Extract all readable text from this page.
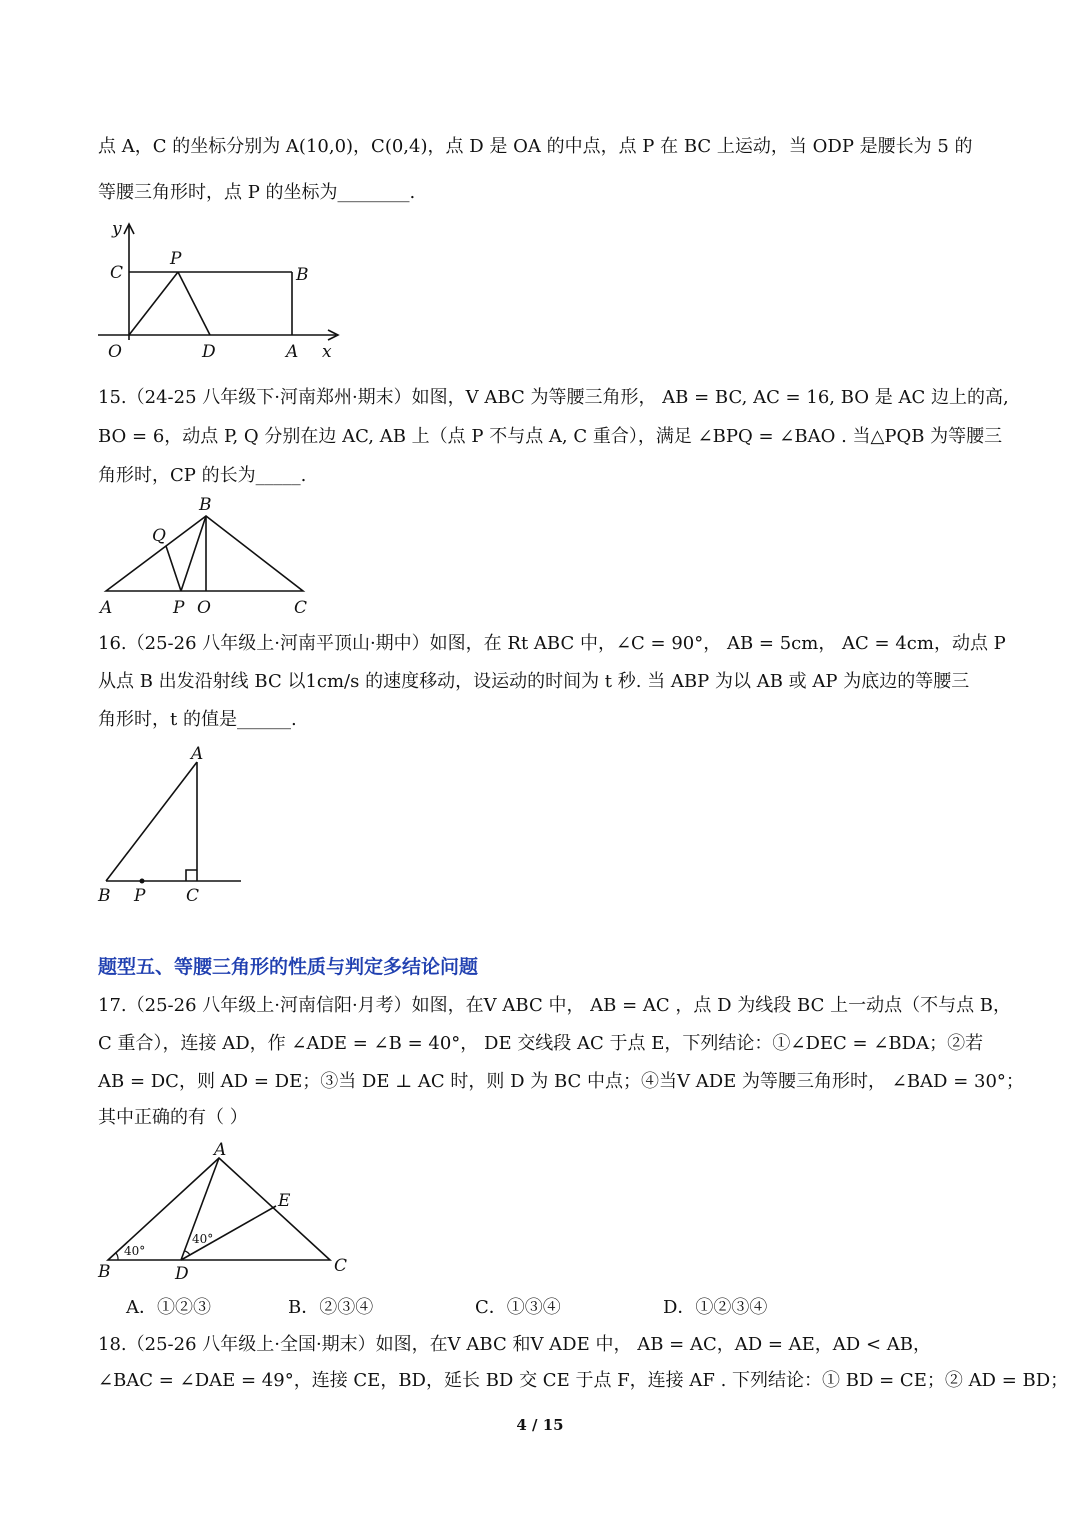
点 A，C 的坐标分别为 A(10,0)，C(0,4)，点 D 是 OA 的中点，点 P 在 BC 上运动，当 ODP 是腰长为 5 的
等腰三角形时，点 P 的坐标为________.
y
x
C
P
B
O	D	A
15.（24-25 八年级下·河南郑州·期末）如图，V ABC 为等腰三角形， AB = BC, AC = 16, BO 是 AC 边上的高,
BO = 6，动点 P, Q 分别在边 AC, AB 上（点 P 不与点 A, C 重合），满足 ∠BPQ = ∠BAO . 当△PQB 为等腰三
角形时，CP 的长为_____.
B
Q
A	P O	C
16.（25-26 八年级上·河南平顶山·期中）如图，在 Rt ABC 中，∠C = 90°， AB = 5cm， AC = 4cm，动点 P
从点 B 出发沿射线 BC 以1cm/s 的速度移动，设运动的时间为 t 秒. 当 ABP 为以 AB 或 AP 为底边的等腰三
角形时，t 的值是______.
A
B P C
题型五、等腰三角形的性质与判定多结论问题
17.（25-26 八年级上·河南信阳·月考）如图，在V ABC 中， AB = AC ，点 D 为线段 BC 上一动点（不与点 B，
C 重合），连接 AD，作 ∠ADE = ∠B = 40°， DE 交线段 AC 于点 E，下列结论：①∠DEC = ∠BDA；②若
AB = DC，则 AD = DE；③当 DE ⊥ AC 时，则 D 为 BC 中点；④当V ADE 为等腰三角形时， ∠BAD = 30°；
其中正确的有（ ）
A
E
B	D	C
40°
40°
A．①②③	B．②③④	C．①③④	D．①②③④
18.（25-26 八年级上·全国·期末）如图，在V ABC 和V ADE 中， AB = AC，AD = AE，AD < AB，
∠BAC = ∠DAE = 49°，连接 CE，BD，延长 BD 交 CE 于点 F，连接 AF . 下列结论：① BD = CE；② AD = BD；
4 / 15
